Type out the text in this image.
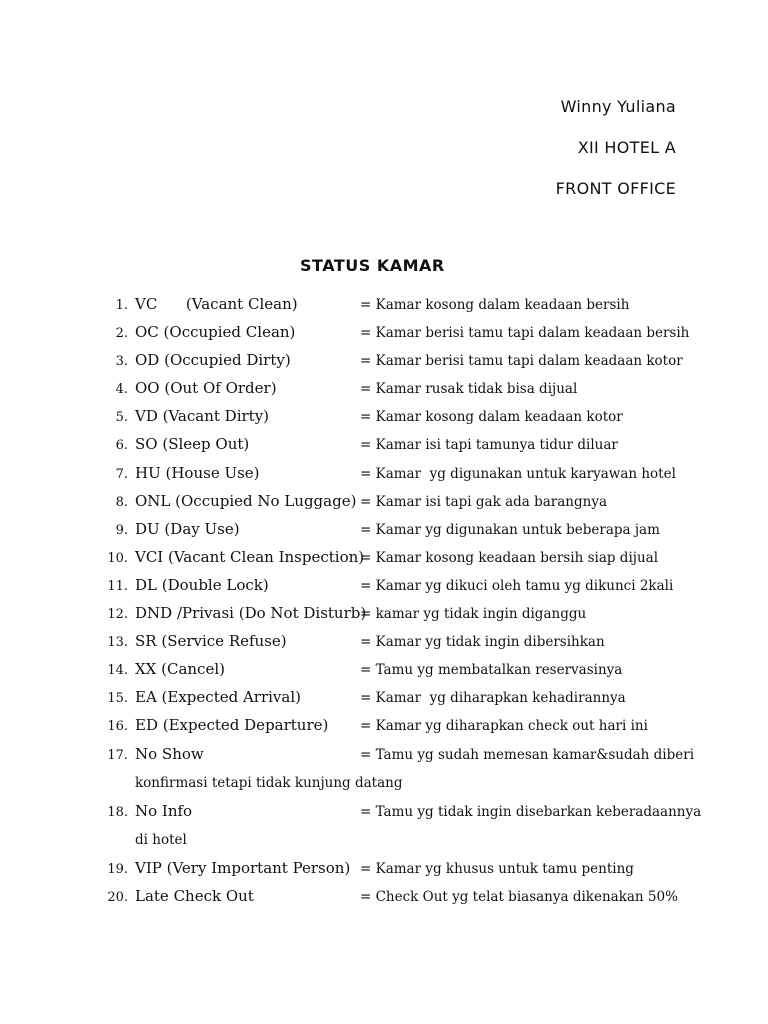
Winny Yuliana
XII HOTEL A
FRONT OFFICE
STATUS KAMAR
1. VC      (Vacant Clean)	= Kamar kosong dalam keadaan bersih
2. OC (Occupied Clean)	= Kamar berisi tamu tapi dalam keadaan bersih
3. OD (Occupied Dirty)	= Kamar berisi tamu tapi dalam keadaan kotor
4. OO (Out Of Order)	= Kamar rusak tidak bisa dijual
5. VD (Vacant Dirty)	= Kamar kosong dalam keadaan kotor
6. SO (Sleep Out)	= Kamar isi tapi tamunya tidur diluar
7. HU (House Use)	= Kamar  yg digunakan untuk karyawan hotel
8. ONL (Occupied No Luggage) = Kamar isi tapi gak ada barangnya
9. DU (Day Use)	= Kamar yg digunakan untuk beberapa jam
10. VCI (Vacant Clean Inspection)
= Kamar kosong keadaan bersih siap dijual
11. DL (Double Lock)	= Kamar yg dikuci oleh tamu yg dikunci 2kali
12. DND /Privasi (Do Not Disturb)
= kamar yg tidak ingin diganggu
13. SR (Service Refuse)	= Kamar yg tidak ingin dibersihkan
14. XX (Cancel)	= Tamu yg membatalkan reservasinya
15. EA (Expected Arrival)	= Kamar  yg diharapkan kehadirannya
16. ED (Expected Departure) = Kamar yg diharapkan check out hari ini
17. No Show	= Tamu yg sudah memesan kamar&sudah diberi
konfirmasi tetapi tidak kunjung datang
18. No Info	= Tamu yg tidak ingin disebarkan keberadaannya
di hotel
19. VIP (Very Important Person) = Kamar yg khusus untuk tamu penting
20. Late Check Out	= Check Out yg telat biasanya dikenakan 50%
